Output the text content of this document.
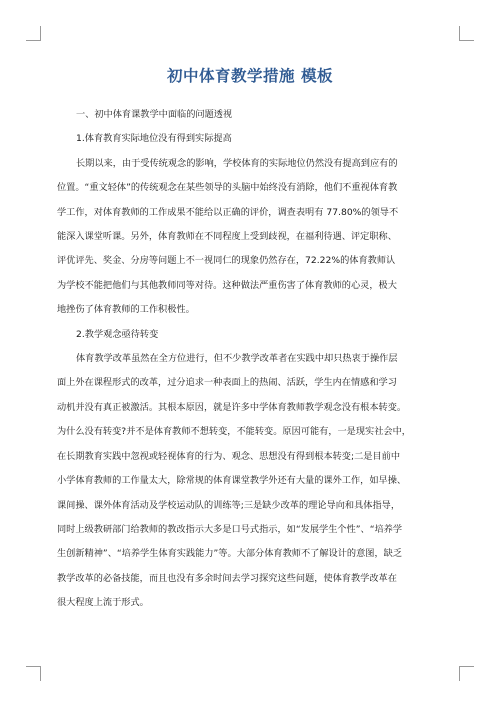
初中体育教学措施 模板
一、初中体育课教学中面临的问题透视
1.体育教育实际地位没有得到实际提高
长期以来，由于受传统观念的影响，学校体育的实际地位仍然没有提高到应有的
位置。“重文轻体”的传统观念在某些领导的头脑中始终没有消除，他们不重视体育教
学工作，对体育教师的工作成果不能给以正确的评价，调查表明有 77.80%的领导不
能深入课堂听课。另外，体育教师在不同程度上受到歧视，在福利待遇、评定职称、
评优评先、奖金、分房等问题上不一视同仁的现象仍然存在，72.22%的体育教师认
为学校不能把他们与其他教师同等对待。这种做法严重伤害了体育教师的心灵，极大
地挫伤了体育教师的工作积极性。
2.教学观念亟待转变
体育教学改革虽然在全方位进行，但不少教学改革者在实践中却只热衷于操作层
面上外在课程形式的改革，过分追求一种表面上的热闹、活跃，学生内在情感和学习
动机并没有真正被激活。其根本原因，就是许多中学体育教师教学观念没有根本转变。
为什么没有转变?并不是体育教师不想转变，不能转变。原因可能有，一是现实社会中，
在长期教育实践中忽视或轻视体育的行为、观念、思想没有得到根本转变;二是目前中
小学体育教师的工作量太大，除常规的体育课堂教学外还有大量的课外工作，如早操、
课间操、课外体育活动及学校运动队的训练等;三是缺少改革的理论导向和具体指导，
同时上级教研部门给教师的教改指示大多是口号式指示，如“发展学生个性”、“培养学
生创新精神”、“培养学生体育实践能力”等。大部分体育教师不了解设计的意图，缺乏
教学改革的必备技能，而且也没有多余时间去学习探究这些问题，使体育教学改革在
很大程度上流于形式。
